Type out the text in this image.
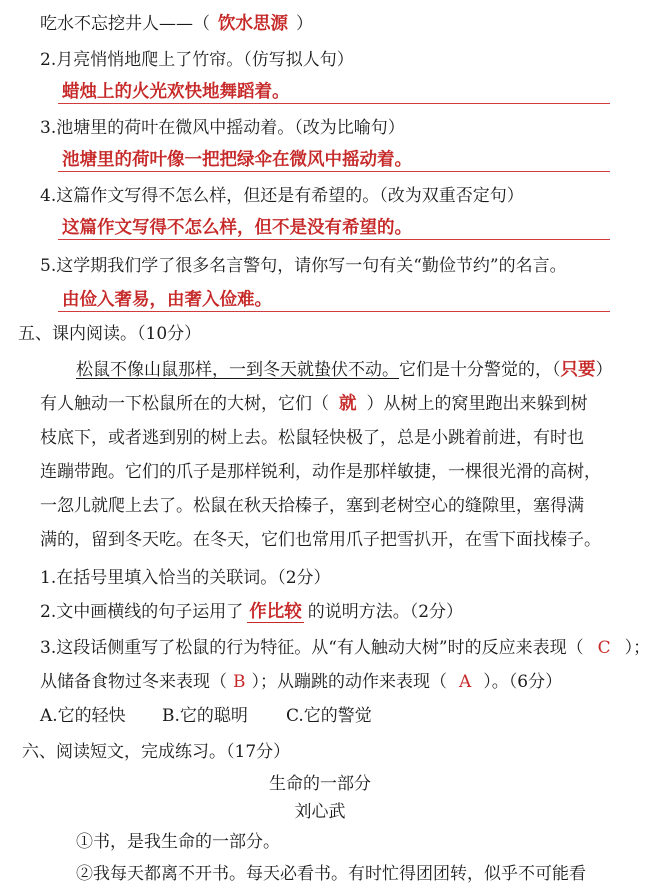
吃水不忘挖井人——（ 饮水思源 ）
2.月亮悄悄地爬上了竹帘。（仿写拟人句）
蜡烛上的火光欢快地舞蹈着。
3.池塘里的荷叶在微风中摇动着。（改为比喻句）
池塘里的荷叶像一把把绿伞在微风中摇动着。
4.这篇作文写得不怎么样，但还是有希望的。（改为双重否定句）
这篇作文写得不怎么样，但不是没有希望的。
5.这学期我们学了很多名言警句，请你写一句有关“勤俭节约”的名言。
由俭入奢易，由奢入俭难。
五、课内阅读。（10分）
松鼠不像山鼠那样，一到冬天就蛰伏不动。它们是十分警觉的，（只要）
有人触动一下松鼠所在的大树，它们（ 就 ）从树上的窝里跑出来躲到树
枝底下，或者逃到别的树上去。松鼠轻快极了，总是小跳着前进，有时也
连蹦带跑。它们的爪子是那样锐利，动作是那样敏捷，一棵很光滑的高树，
一忽儿就爬上去了。松鼠在秋天拾榛子，塞到老树空心的缝隙里，塞得满
满的，留到冬天吃。在冬天，它们也常用爪子把雪扒开，在雪下面找榛子。
1.在括号里填入恰当的关联词。（2分）
2.文中画横线的句子运用了 作比较 的说明方法。（2分）
3.这段话侧重写了松鼠的行为特征。从“有人触动大树”时的反应来表现（ C ）；
从储备食物过冬来表现（ B ）；从蹦跳的动作来表现（ A ）。（6分）
A.它的轻快 B.它的聪明 C.它的警觉
六、阅读短文，完成练习。（17分）
生命的一部分
刘心武
①书，是我生命的一部分。
②我每天都离不开书。每天必看书。有时忙得团团转，似乎不可能看
